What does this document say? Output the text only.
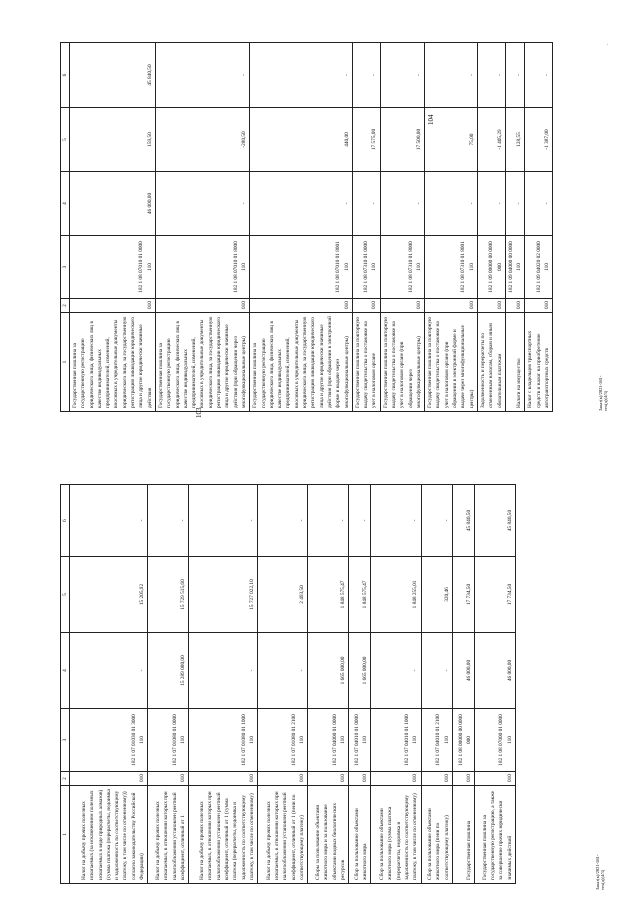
‧
103
104
Заказ(к)/2021-581-тех(д)(4/3)
Заказ(к)/2021-581-тех(д)(4/3)
1	2	3	4	5	6
Налог на добычу прочих полезных ископаемых (за исключением полезных ископаемых в виде природных алмазов) (сумма платежа (перерасчеты, недоимка и задолженность по соответствующему платежу, в том числе по отмененному)) согласно законодательству Российской Федерации)	010	182 1 07 01030 01 3000 110	-	15 205,92	-
Налог на добычу прочих полезных ископаемых, в отношении которых при налогообложении установлен рентный коэффициент, отличный от 1	010	182 1 07 01080 01 0000 110	15 289 000,00	15 729 515,60	-
Налог на добычу прочих полезных ископаемых, в отношении которых при налогообложении установлен рентный коэффициент, отличный от 1 (сумма платежа (перерасчеты, недоимка и задолженность по соответствующему платежу, в том числе по отмененному)	010	182 1 07 01080 01 1000 110	-	15 727 022,10	-
Налог на добычу прочих полезных ископаемых, в отношении которых при налогообложении установлен рентный коэффициент, отличный от 1 (пени по соответствующему платежу)	010	182 1 07 01080 01 2100 110	-	2 493,50	-
Сборы за пользование объектами животного мира и за пользование объектами водных биологических ресурсов	010	182 1 07 04000 01 0000 110	1 665 000,00	1 848 575,47	-
Сбор за пользование объектами животного мира	010	182 1 07 04010 01 0000 110	1 665 000,00	1 848 575,47	-
Сбор за пользование объектами животного мира (сумма платежа (перерасчеты, недоимка и задолженность по соответствующему платежу, в том числе по отмененному)	010	182 1 07 04010 01 1000 110	-	1 848 255,01	-
Сбор за пользование объектами животного мира (пени по соответствующему платежу)	010	182 1 07 04010 01 2100 110	-	320,46	-
Государственная пошлина	010	182 1 08 00000 00 0000 000	46 000,00	17 734,50	45 840,50
Государственная пошлина за государственную регистрацию, а также за совершение прочих юридически значимых действий	010	182 1 08 07000 01 0000 110	46 000,00	17 734,50	45 840,50
1	2	3	4	5	6
Государственная пошлина за государственную регистрацию юридического лица, физических лиц в качестве индивидуальных предпринимателей, изменений, вносимых в учредительные документы юридического лица, за государственную регистрацию ликвидации юридического лица и другие юридически значимые действия	010	182 1 08 07010 01 0000 110	46 000,00	159,50	45 840,50
Государственная пошлина за государственную регистрацию юридического лица, физических лиц в качестве индивидуальных предпринимателей, изменений, вносимых в учредительные документы юридического лица, за государственную регистрацию ликвидации юридического лица и другие юридически значимые действия (при обращении через многофункциональные центры)	010	182 1 08 07010 01 8000 110	-	-280,50	-
Государственная пошлина за государственную регистрацию юридического лица, физических лиц в качестве индивидуальных предпринимателей, изменений, вносимых в учредительные документы юридического лица, за государственную регистрацию ликвидации юридического лица и другие юридически значимые действия (при обращении в электронной форме и выдаче через многофункциональные центры)	010	182 1 08 07010 01 8001 110	-	440,00	-
Государственная пошлина за повторную выдачу свидетельства о постановке на учет в налоговом органе	010	182 1 08 07310 01 0000 110	-	17 575,00	-
Государственная пошлина за повторную выдачу свидетельства о постановке на учет в налоговом органе (при обращении через многофункциональные центры)	010	182 1 08 07310 01 8000 110	-	17 500,00	-
Государственная пошлина за повторную выдачу свидетельства о постановке на учет в налоговом органе (при обращении в электронной форме и выдаче через многофункциональные центры)	010	182 1 08 07310 01 8001 110	-	75,00	-
Задолженность и перерасчеты по отмененным налогам, сборам и иным обязательным платежам	010	182 1 09 00000 00 0000 000	-	-1 405,29	-
Налоги на имущество	010	182 1 09 04000 00 0000 110	-	128,55	-
Налог с владельцев транспортных средств и налог на приобретение автотранспортных средств	010	182 1 09 04020 02 0000 110	-	-1 387,00	-
